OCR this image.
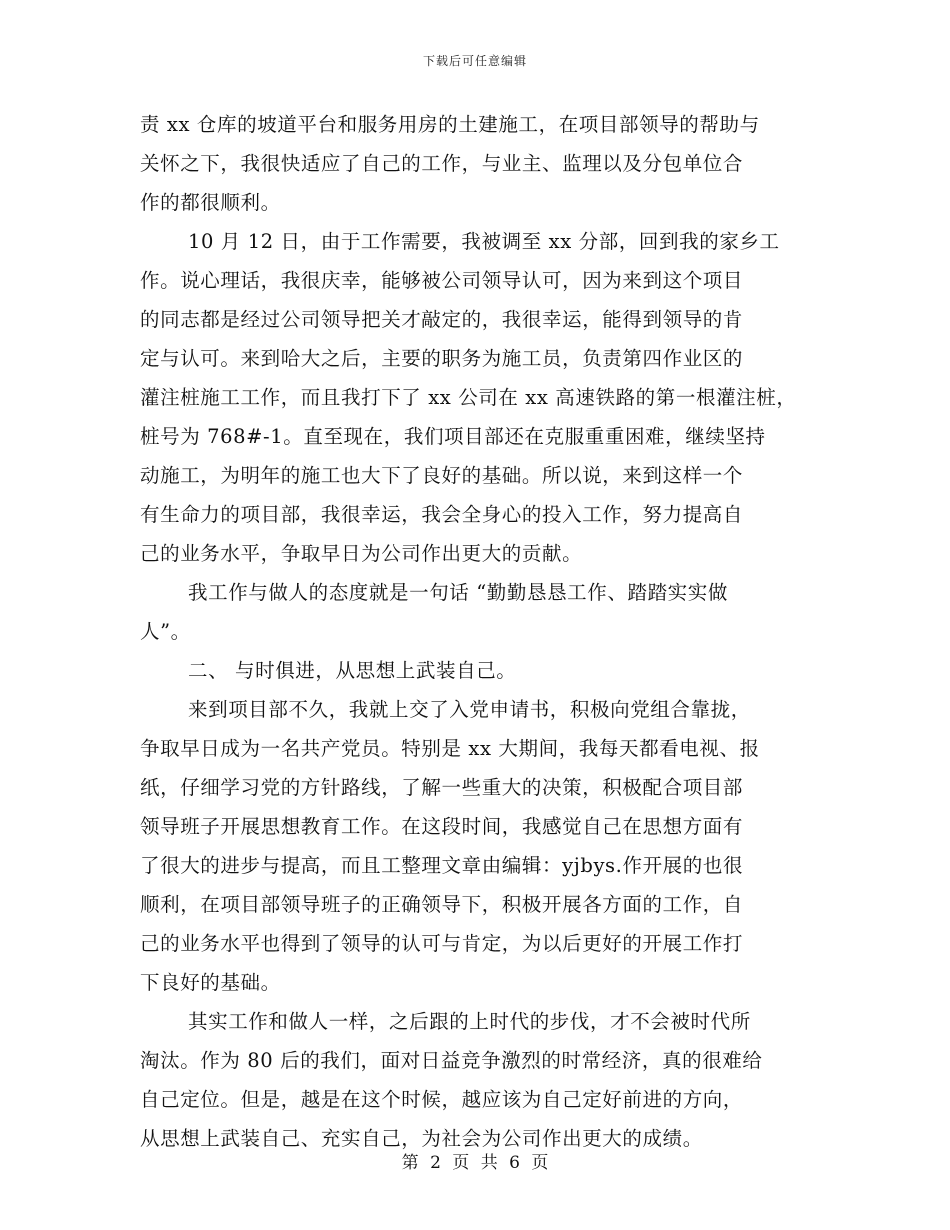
下载后可任意编辑
责 xx 仓库的坡道平台和服务用房的土建施工，在项目部领导的帮助与
关怀之下，我很快适应了自己的工作，与业主、监理以及分包单位合
作的都很顺利。
10 月 12 日，由于工作需要，我被调至 xx 分部，回到我的家乡工
作。说心理话，我很庆幸，能够被公司领导认可，因为来到这个项目
的同志都是经过公司领导把关才敲定的，我很幸运，能得到领导的肯
定与认可。来到哈大之后，主要的职务为施工员，负责第四作业区的
灌注桩施工工作，而且我打下了 xx 公司在 xx 高速铁路的第一根灌注桩，
桩号为 768#-1。直至现在，我们项目部还在克服重重困难，继续坚持
动施工，为明年的施工也大下了良好的基础。所以说，来到这样一个
有生命力的项目部，我很幸运，我会全身心的投入工作，努力提高自
己的业务水平，争取早日为公司作出更大的贡献。
我工作与做人的态度就是一句话 “勤勤恳恳工作、踏踏实实做
人”。
二、 与时俱进，从思想上武装自己。
来到项目部不久，我就上交了入党申请书，积极向党组合靠拢，
争取早日成为一名共产党员。特别是 xx 大期间，我每天都看电视、报
纸，仔细学习党的方针路线，了解一些重大的决策，积极配合项目部
领导班子开展思想教育工作。在这段时间，我感觉自己在思想方面有
了很大的进步与提高，而且工整理文章由编辑：yjbys.作开展的也很
顺利，在项目部领导班子的正确领导下，积极开展各方面的工作，自
己的业务水平也得到了领导的认可与肯定，为以后更好的开展工作打
下良好的基础。
其实工作和做人一样，之后跟的上时代的步伐，才不会被时代所
淘汰。作为 80 后的我们，面对日益竞争激烈的时常经济，真的很难给
自己定位。但是，越是在这个时候，越应该为自己定好前进的方向，
从思想上武装自己、充实自己，为社会为公司作出更大的成绩。
第 2 页 共 6 页
